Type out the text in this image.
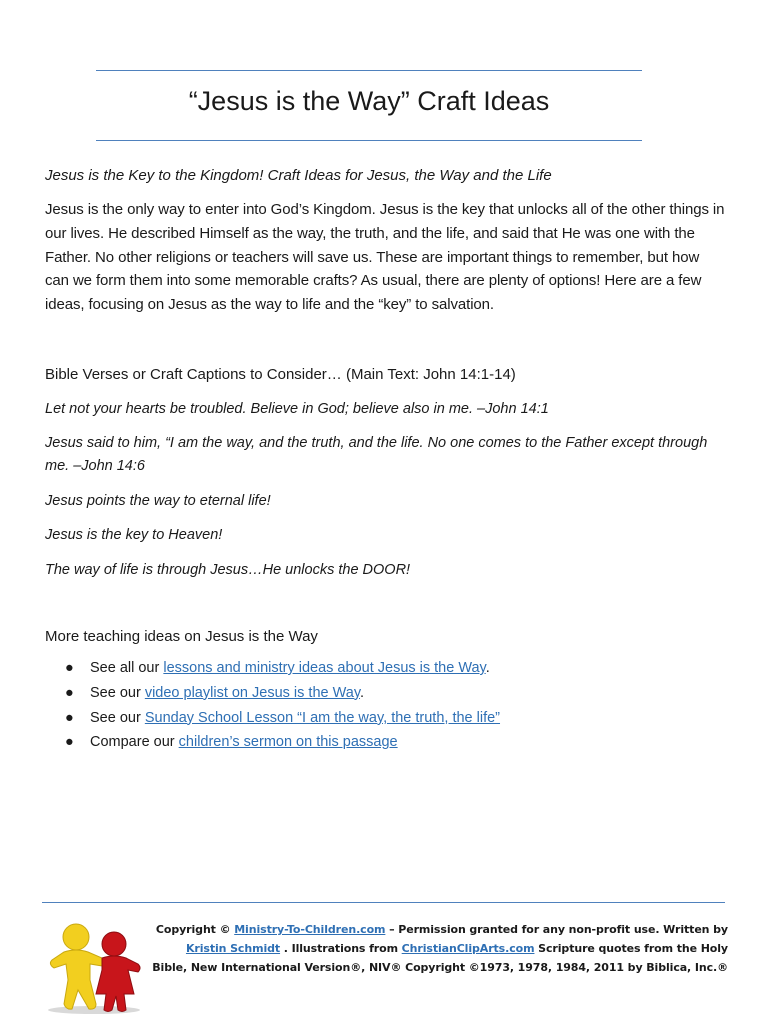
“Jesus is the Way” Craft Ideas

Jesus is the Key to the Kingdom! Craft Ideas for Jesus, the Way and the Life

Jesus is the only way to enter into God’s Kingdom. Jesus is the key that unlocks all of the other things in our lives. He described Himself as the way, the truth, and the life, and said that He was one with the Father. No other religions or teachers will save us. These are important things to remember, but how can we form them into some memorable crafts? As usual, there are plenty of options! Here are a few ideas, focusing on Jesus as the way to life and the “key” to salvation.

Bible Verses or Craft Captions to Consider… (Main Text: John 14:1-14)

Let not your hearts be troubled. Believe in God; believe also in me. –John 14:1

Jesus said to him, “I am the way, and the truth, and the life. No one comes to the Father except through me. –John 14:6

Jesus points the way to eternal life!

Jesus is the key to Heaven!

The way of life is through Jesus…He unlocks the DOOR!

More teaching ideas on Jesus is the Way
● See all our lessons and ministry ideas about Jesus is the Way.
● See our video playlist on Jesus is the Way.
● See our Sunday School Lesson “I am the way, the truth, the life”
● Compare our children’s sermon on this passage

Copyright © Ministry-To-Children.com – Permission granted for any non-profit use. Written by Kristin Schmidt . Illustrations from ChristianClipArts.com Scripture quotes from the Holy Bible, New International Version®, NIV® Copyright ©1973, 1978, 1984, 2011 by Biblica, Inc.®
